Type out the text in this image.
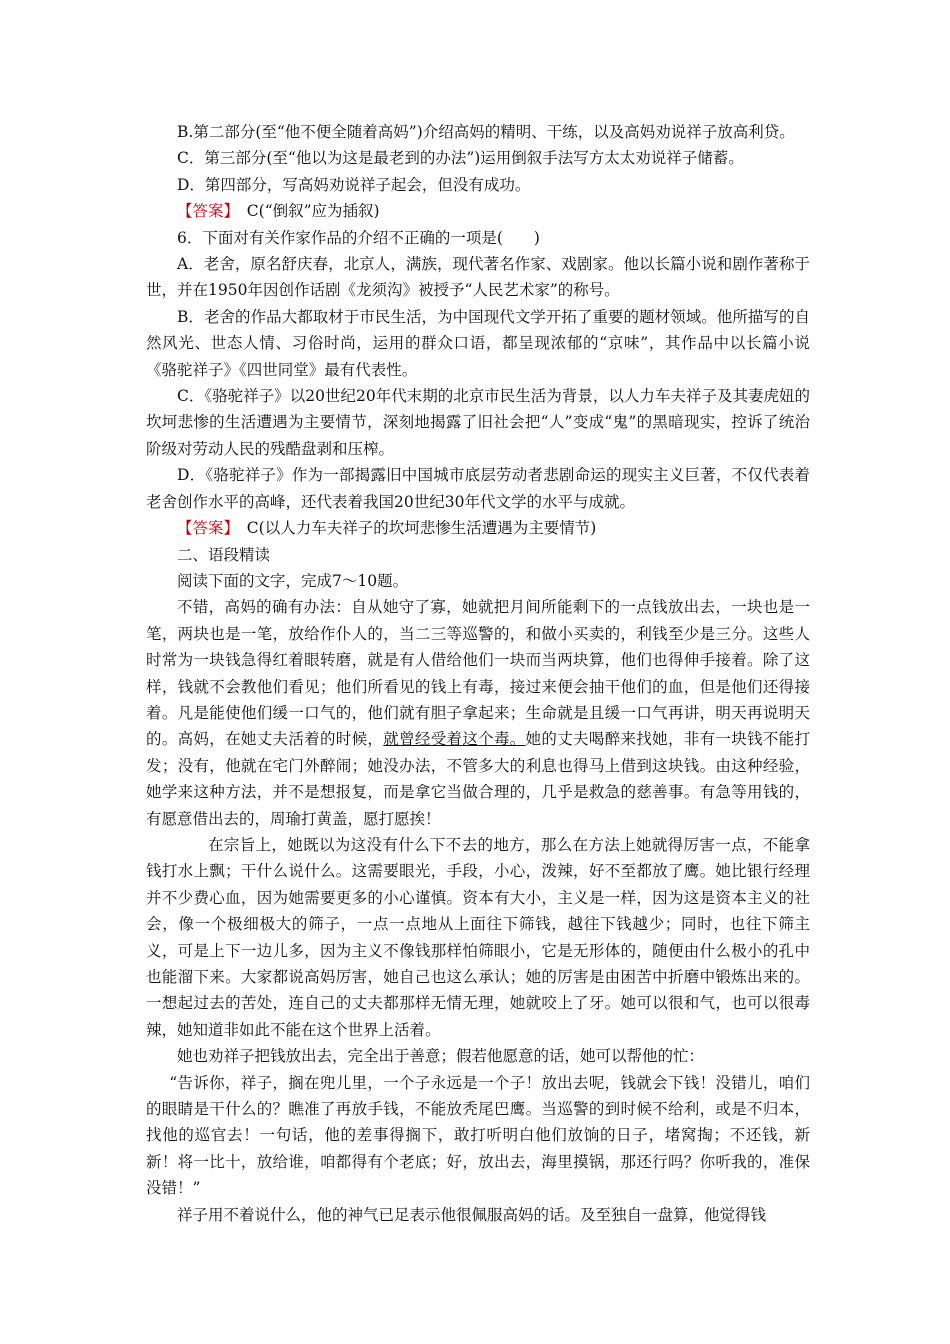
B.第二部分(至“他不便全随着高妈”)介绍高妈的精明、干练，以及高妈劝说祥子放高利贷。

C．第三部分(至“他以为这是最老到的办法”)运用倒叙手法写方太太劝说祥子储蓄。

D．第四部分，写高妈劝说祥子起会，但没有成功。

【答案】　 C(“倒叙”应为插叙)

6．下面对有关作家作品的介绍不正确的一项是(　　)

A．老舍，原名舒庆春，北京人，满族，现代著名作家、戏剧家。他以长篇小说和剧作著称于世，并在1950年因创作话剧《龙须沟》被授予“人民艺术家”的称号。

B．老舍的作品大都取材于市民生活，为中国现代文学开拓了重要的题材领域。他所描写的自然风光、世态人情、习俗时尚，运用的群众口语，都呈现浓郁的“京味”，其作品中以长篇小说《骆驼祥子》《四世同堂》最有代表性。

C．《骆驼祥子》以20世纪20年代末期的北京市民生活为背景，以人力车夫祥子及其妻虎妞的坎坷悲惨的生活遭遇为主要情节，深刻地揭露了旧社会把“人”变成“鬼”的黑暗现实，控诉了统治阶级对劳动人民的残酷盘剥和压榨。

D．《骆驼祥子》作为一部揭露旧中国城市底层劳动者悲剧命运的现实主义巨著，不仅代表着老舍创作水平的高峰，还代表着我国20世纪30年代文学的水平与成就。

【答案】　 C(以人力车夫祥子的坎坷悲惨生活遭遇为主要情节)

二、语段精读

阅读下面的文字，完成7～10题。

不错，高妈的确有办法：自从她守了寡，她就把月间所能剩下的一点钱放出去，一块也是一笔，两块也是一笔，放给作仆人的，当二三等巡警的，和做小买卖的，利钱至少是三分。这些人时常为一块钱急得红着眼转磨，就是有人借给他们一块而当两块算，他们也得伸手接着。除了这样，钱就不会教他们看见；他们所看见的钱上有毒，接过来便会抽干他们的血，但是他们还得接着。凡是能使他们缓一口气的，他们就有胆子拿起来；生命就是且缓一口气再讲，明天再说明天的。高妈，在她丈夫活着的时候，就曾经受着这个毒。她的丈夫喝醉来找她，非有一块钱不能打发；没有，他就在宅门外醉闹；她没办法，不管多大的利息也得马上借到这块钱。由这种经验，她学来这种方法，并不是想报复，而是拿它当做合理的，几乎是救急的慈善事。有急等用钱的，有愿意借出去的，周瑜打黄盖，愿打愿挨！

在宗旨上，她既以为这没有什么下不去的地方，那么在方法上她就得厉害一点，不能拿钱打水上飘；干什么说什么。这需要眼光，手段，小心，泼辣，好不至都放了鹰。她比银行经理并不少费心血，因为她需要更多的小心谨慎。资本有大小，主义是一样，因为这是资本主义的社会，像一个极细极大的筛子，一点一点地从上面往下筛钱，越往下钱越少；同时，也往下筛主义，可是上下一边儿多，因为主义不像钱那样怕筛眼小，它是无形体的，随便由什么极小的孔中也能溜下来。大家都说高妈厉害，她自己也这么承认；她的厉害是由困苦中折磨中锻炼出来的。一想起过去的苦处，连自己的丈夫都那样无情无理，她就咬上了牙。她可以很和气，也可以很毒辣，她知道非如此不能在这个世界上活着。

她也劝祥子把钱放出去，完全出于善意；假若他愿意的话，她可以帮他的忙：

“告诉你，祥子，搁在兜儿里，一个子永远是一个子！放出去呢，钱就会下钱！没错儿，咱们的眼睛是干什么的？瞧准了再放手钱，不能放秃尾巴鹰。当巡警的到时候不给利，或是不归本，找他的巡官去！一句话，他的差事得搁下，敢打听明白他们放饷的日子，堵窝掏；不还钱，新新！将一比十，放给谁，咱都得有个老底；好，放出去，海里摸锅，那还行吗？你听我的，准保没错！”

祥子用不着说什么，他的神气已足表示他很佩服高妈的话。及至独自一盘算，他觉得钱
